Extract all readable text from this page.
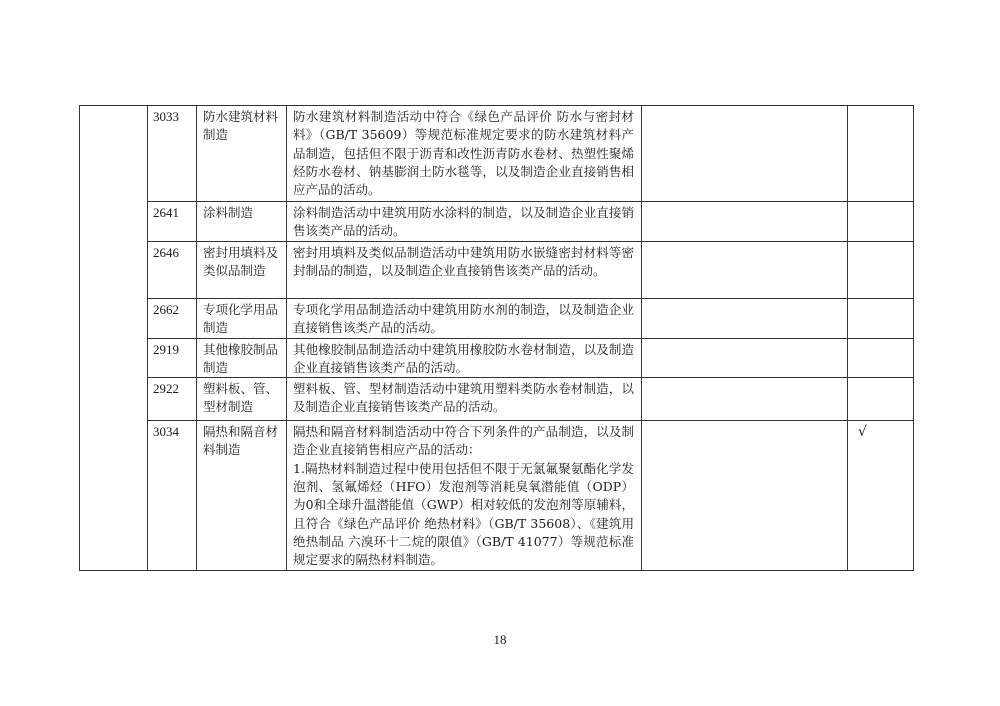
	3033	防水建筑材料制造	防水建筑材料制造活动中符合《绿色产品评价 防水与密封材料》（GB/T 35609）等规范标准规定要求的防水建筑材料产品制造，包括但不限于沥青和改性沥青防水卷材、热塑性聚烯烃防水卷材、钠基膨润土防水毯等，以及制造企业直接销售相应产品的活动。		
	2641	涂料制造	涂料制造活动中建筑用防水涂料的制造，以及制造企业直接销售该类产品的活动。		
	2646	密封用填料及类似品制造	密封用填料及类似品制造活动中建筑用防水嵌缝密封材料等密封制品的制造，以及制造企业直接销售该类产品的活动。		
	2662	专项化学用品制造	专项化学用品制造活动中建筑用防水剂的制造，以及制造企业直接销售该类产品的活动。		
	2919	其他橡胶制品制造	其他橡胶制品制造活动中建筑用橡胶防水卷材制造，以及制造企业直接销售该类产品的活动。		
	2922	塑料板、管、型材制造	塑料板、管、型材制造活动中建筑用塑料类防水卷材制造，以及制造企业直接销售该类产品的活动。		
	3034	隔热和隔音材料制造	隔热和隔音材料制造活动中符合下列条件的产品制造，以及制造企业直接销售相应产品的活动：
1.隔热材料制造过程中使用包括但不限于无氯氟聚氨酯化学发泡剂、氢氟烯烃（HFO）发泡剂等消耗臭氧潜能值（ODP）为0和全球升温潜能值（GWP）相对较低的发泡剂等原辅料，且符合《绿色产品评价 绝热材料》（GB/T 35608）、《建筑用绝热制品 六溴环十二烷的限值》（GB/T 41077）等规范标准规定要求的隔热材料制造。		√
18
